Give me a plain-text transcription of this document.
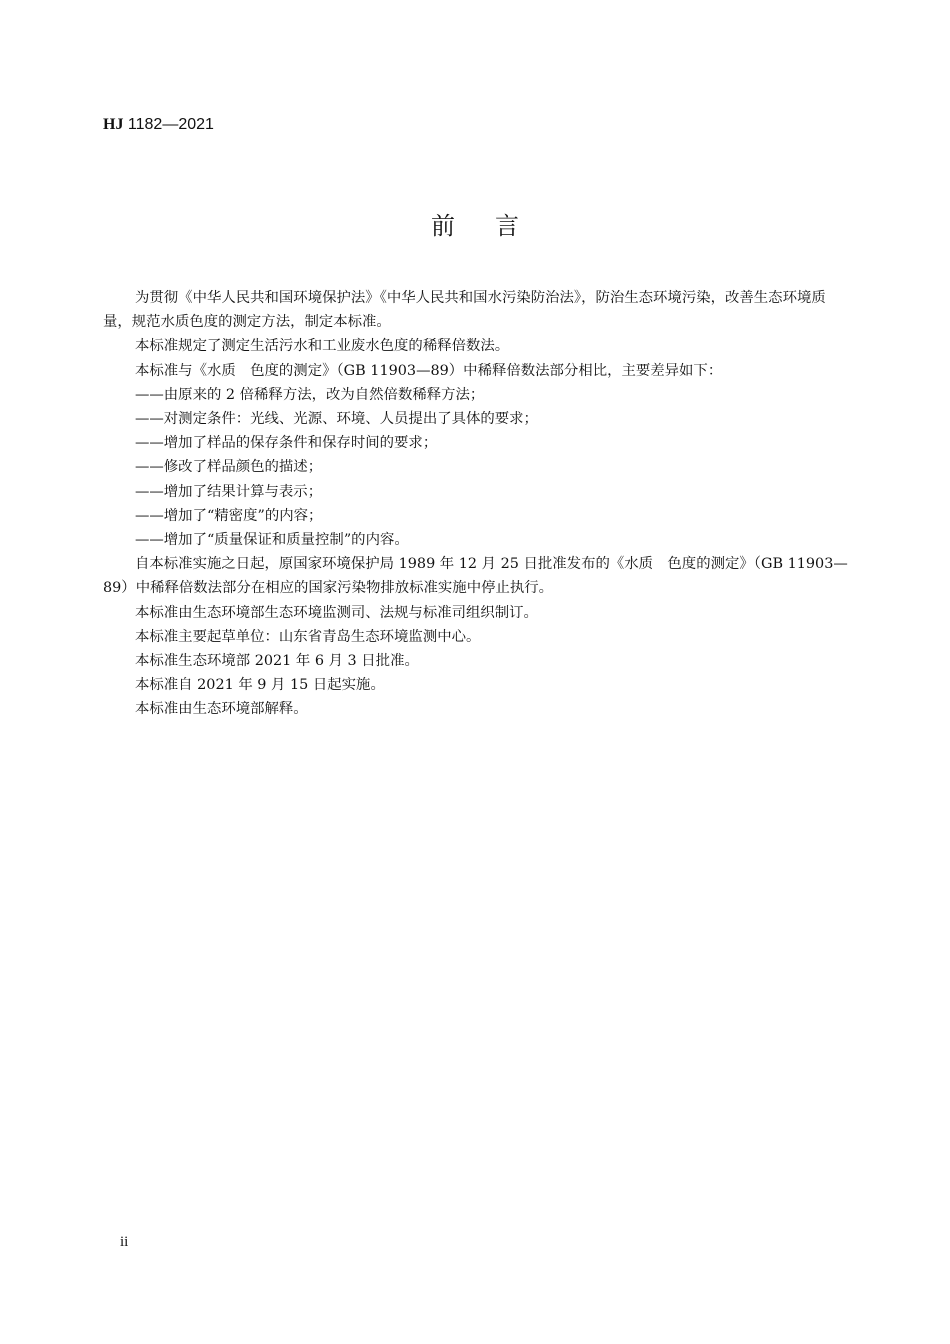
HJ 1182—2021
前言

为贯彻《中华人民共和国环境保护法》《中华人民共和国水污染防治法》，防治生态环境污染，改善生态环境质量，规范水质色度的测定方法，制定本标准。

本标准规定了测定生活污水和工业废水色度的稀释倍数法。

本标准与《水质　色度的测定》（GB 11903—89）中稀释倍数法部分相比，主要差异如下：

——由原来的 2 倍稀释方法，改为自然倍数稀释方法；

——对测定条件：光线、光源、环境、人员提出了具体的要求；

——增加了样品的保存条件和保存时间的要求；

——修改了样品颜色的描述；

——增加了结果计算与表示；

——增加了“精密度”的内容；

——增加了“质量保证和质量控制”的内容。

自本标准实施之日起，原国家环境保护局 1989 年 12 月 25 日批准发布的《水质　色度的测定》（GB 11903—89）中稀释倍数法部分在相应的国家污染物排放标准实施中停止执行。

本标准由生态环境部生态环境监测司、法规与标准司组织制订。

本标准主要起草单位：山东省青岛生态环境监测中心。

本标准生态环境部 2021 年 6 月 3 日批准。

本标准自 2021 年 9 月 15 日起实施。

本标准由生态环境部解释。

ii
